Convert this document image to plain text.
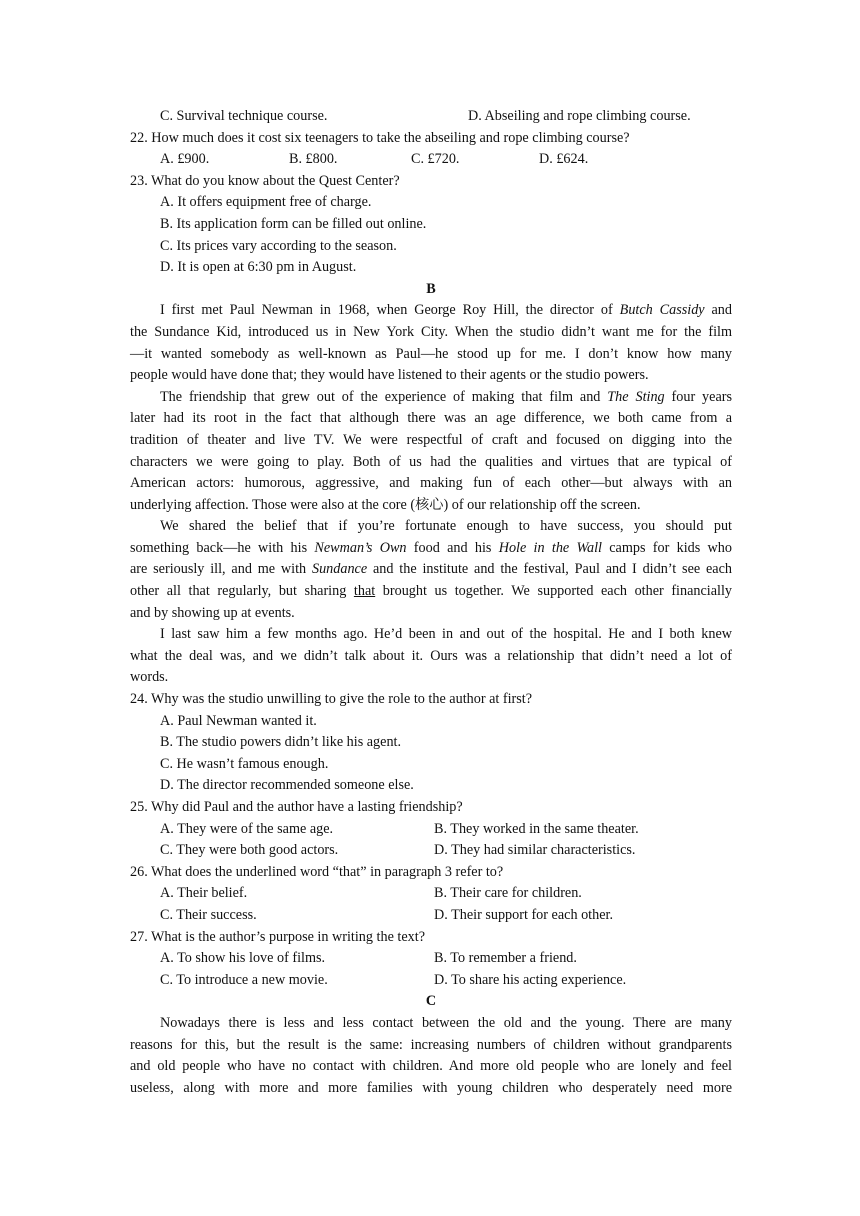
C. Survival technique course.	D. Abseiling and rope climbing course.
22. How much does it cost six teenagers to take the abseiling and rope climbing course?
A. £900.	B. £800.	C. £720.	D. £624.
23. What do you know about the Quest Center?
A. It offers equipment free of charge.
B. Its application form can be filled out online.
C. Its prices vary according to the season.
D. It is open at 6:30 pm in August.
B
I first met Paul Newman in 1968, when George Roy Hill, the director of Butch Cassidy and
the Sundance Kid, introduced us in New York City. When the studio didn’t want me for the film
—it wanted somebody as well-known as Paul—he stood up for me. I don’t know how many
people would have done that; they would have listened to their agents or the studio powers.
The friendship that grew out of the experience of making that film and The Sting four years
later had its root in the fact that although there was an age difference, we both came from a
tradition of theater and live TV. We were respectful of craft and focused on digging into the
characters we were going to play. Both of us had the qualities and virtues that are typical of
American actors: humorous, aggressive, and making fun of each other—but always with an
underlying affection. Those were also at the core (核心) of our relationship off the screen.
We shared the belief that if you’re fortunate enough to have success, you should put
something back—he with his Newman’s Own food and his Hole in the Wall camps for kids who
are seriously ill, and me with Sundance and the institute and the festival, Paul and I didn’t see each
other all that regularly, but sharing that brought us together. We supported each other financially
and by showing up at events.
I last saw him a few months ago. He’d been in and out of the hospital. He and I both knew
what the deal was, and we didn’t talk about it. Ours was a relationship that didn’t need a lot of
words.
24. Why was the studio unwilling to give the role to the author at first?
A. Paul Newman wanted it.
B. The studio powers didn’t like his agent.
C. He wasn’t famous enough.
D. The director recommended someone else.
25. Why did Paul and the author have a lasting friendship?
A. They were of the same age.	B. They worked in the same theater.
C. They were both good actors.	D. They had similar characteristics.
26. What does the underlined word “that” in paragraph 3 refer to?
A. Their belief.	B. Their care for children.
C. Their success.	D. Their support for each other.
27. What is the author’s purpose in writing the text?
A. To show his love of films.	B. To remember a friend.
C. To introduce a new movie.	D. To share his acting experience.
C
Nowadays there is less and less contact between the old and the young. There are many
reasons for this, but the result is the same: increasing numbers of children without grandparents
and old people who have no contact with children. And more old people who are lonely and feel
useless, along with more and more families with young children who desperately need more
